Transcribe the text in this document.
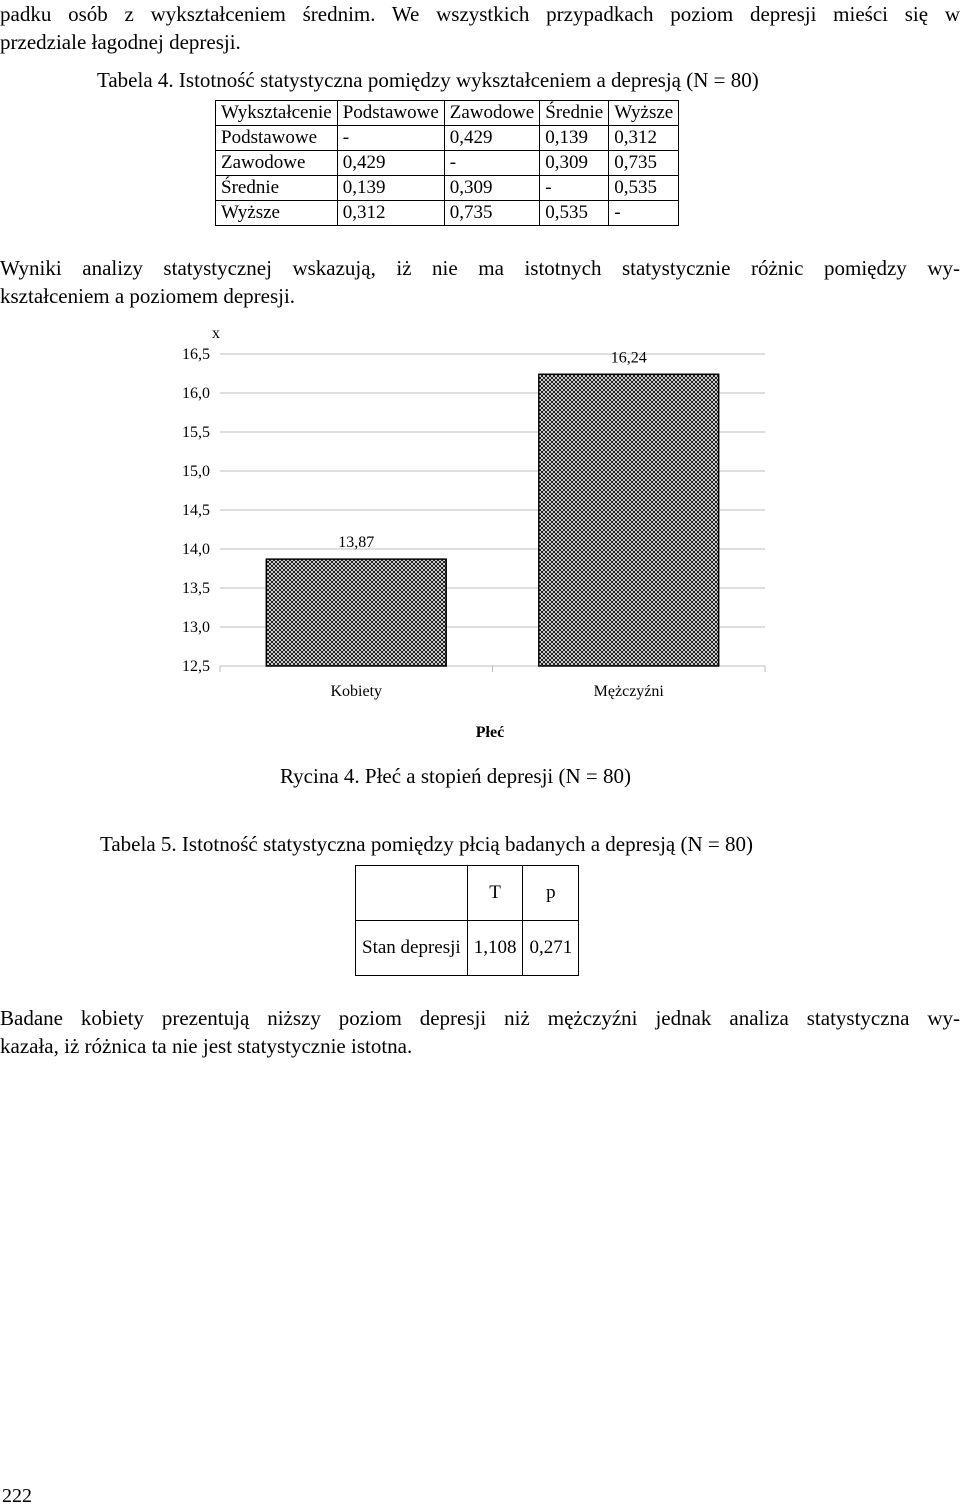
padku osób z wykształceniem średnim. We wszystkich przypadkach poziom depresji mieści się w
przedziale łagodnej depresji.

Tabela 4. Istotność statystyczna pomiędzy wykształceniem a depresją (N = 80)
Wykształcenie	Podstawowe	Zawodowe	Średnie	Wyższe
Podstawowe	-	0,429	0,139	0,312
Zawodowe	0,429	-	0,309	0,735
Średnie	0,139	0,309	-	0,535
Wyższe	0,312	0,735	0,535	-

Wyniki analizy statystycznej wskazują, iż nie ma istotnych statystycznie różnic pomiędzy wy-
kształceniem a poziomem depresji.

12,5
13,0
13,5
14,0
14,5
15,0
15,5
16,0
16,5
13,87
Kobiety
16,24
Mężczyźni
x
Płeć
Rycina 4. Płeć a stopień depresji (N = 80)
Tabela 5. Istotność statystyczna pomiędzy płcią badanych a depresją (N = 80)
	T	p
Stan depresji	1,108	0,271

Badane kobiety prezentują niższy poziom depresji niż mężczyźni jednak analiza statystyczna wy-
kazała, iż różnica ta nie jest statystycznie istotna.

222
